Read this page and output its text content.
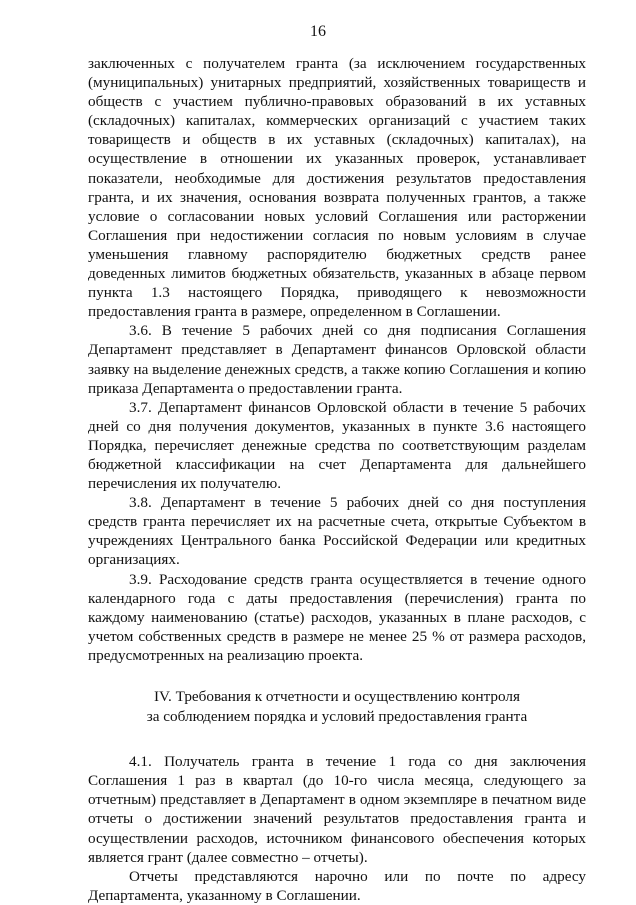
16

заключенных с получателем гранта (за исключением государственных (муниципальных) унитарных предприятий, хозяйственных товариществ и обществ с участием публично-правовых образований в их уставных (складочных) капиталах, коммерческих организаций с участием таких товариществ и обществ в их уставных (складочных) капиталах), на осуществление в отношении их указанных проверок, устанавливает показатели, необходимые для достижения результатов предоставления гранта, и их значения, основания возврата полученных грантов, а также условие о согласовании новых условий Соглашения или расторжении Соглашения при недостижении согласия по новым условиям в случае уменьшения главному распорядителю бюджетных средств ранее доведенных лимитов бюджетных обязательств, указанных в абзаце первом пункта 1.3 настоящего Порядка, приводящего к невозможности предоставления гранта в размере, определенном в Соглашении.

3.6. В течение 5 рабочих дней со дня подписания Соглашения Департамент представляет в Департамент финансов Орловской области заявку на выделение денежных средств, а также копию Соглашения и копию приказа Департамента о предоставлении гранта.

3.7. Департамент финансов Орловской области в течение 5 рабочих дней со дня получения документов, указанных в пункте 3.6 настоящего Порядка, перечисляет денежные средства по соответствующим разделам бюджетной классификации на счет Департамента для дальнейшего перечисления их получателю.

3.8. Департамент в течение 5 рабочих дней со дня поступления средств гранта перечисляет их на расчетные счета, открытые Субъектом в учреждениях Центрального банка Российской Федерации или кредитных организациях.

3.9. Расходование средств гранта осуществляется в течение одного календарного года с даты предоставления (перечисления) гранта по каждому наименованию (статье) расходов, указанных в плане расходов, с учетом собственных средств в размере не менее 25 % от размера расходов, предусмотренных на реализацию проекта.

IV. Требования к отчетности и осуществлению контроля
за соблюдением порядка и условий предоставления гранта

4.1. Получатель гранта в течение 1 года со дня заключения Соглашения 1 раз в квартал (до 10-го числа месяца, следующего за отчетным) представляет в Департамент в одном экземпляре в печатном виде отчеты о достижении значений результатов предоставления гранта и осуществлении расходов, источником финансового обеспечения которых является грант (далее совместно – отчеты).

Отчеты представляются нарочно или по почте по адресу Департамента, указанному в Соглашении.
